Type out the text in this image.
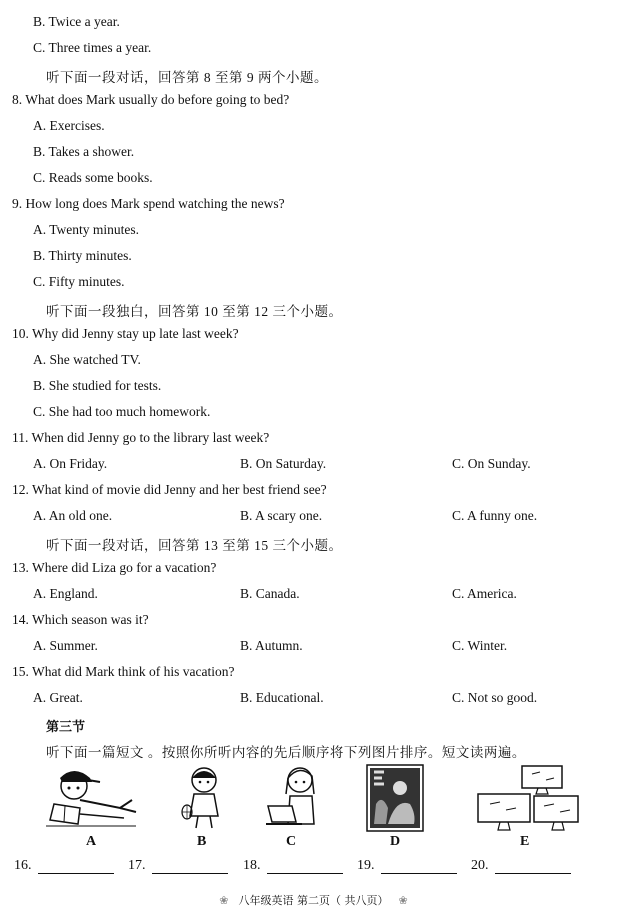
B. Twice a year.
C. Three times a year.
听下面一段对话，回答第 8 至第 9 两个小题。
8. What does Mark usually do before going to bed?
A. Exercises.
B. Takes a shower.
C. Reads some books.
9. How long does Mark spend watching the news?
A. Twenty minutes.
B. Thirty minutes.
C. Fifty minutes.
听下面一段独白，回答第 10 至第 12 三个小题。
10. Why did Jenny stay up late last week?
A. She watched TV.
B. She studied for tests.
C. She had too much homework.
11. When did Jenny go to the library last week?
A. On Friday.	B. On Saturday.	C. On Sunday.
12. What kind of movie did Jenny and her best friend see?
A. An old one.	B. A scary one.	C. A funny one.
听下面一段对话，回答第 13 至第 15 三个小题。
13. Where did Liza go for a vacation?
A. England.	B. Canada.	C. America.
14. Which season was it?
A. Summer.	B. Autumn.	C. Winter.
15. What did Mark think of his vacation?
A. Great.	B. Educational.	C. Not so good.
第三节
听下面一篇短文 。按照你所听内容的先后顺序将下列图片排序。短文读两遍。
A	B	C	D	E
16.	17.	18.	19.	20.
❀ 八年级英语 第二页（ 共八页） ❀
